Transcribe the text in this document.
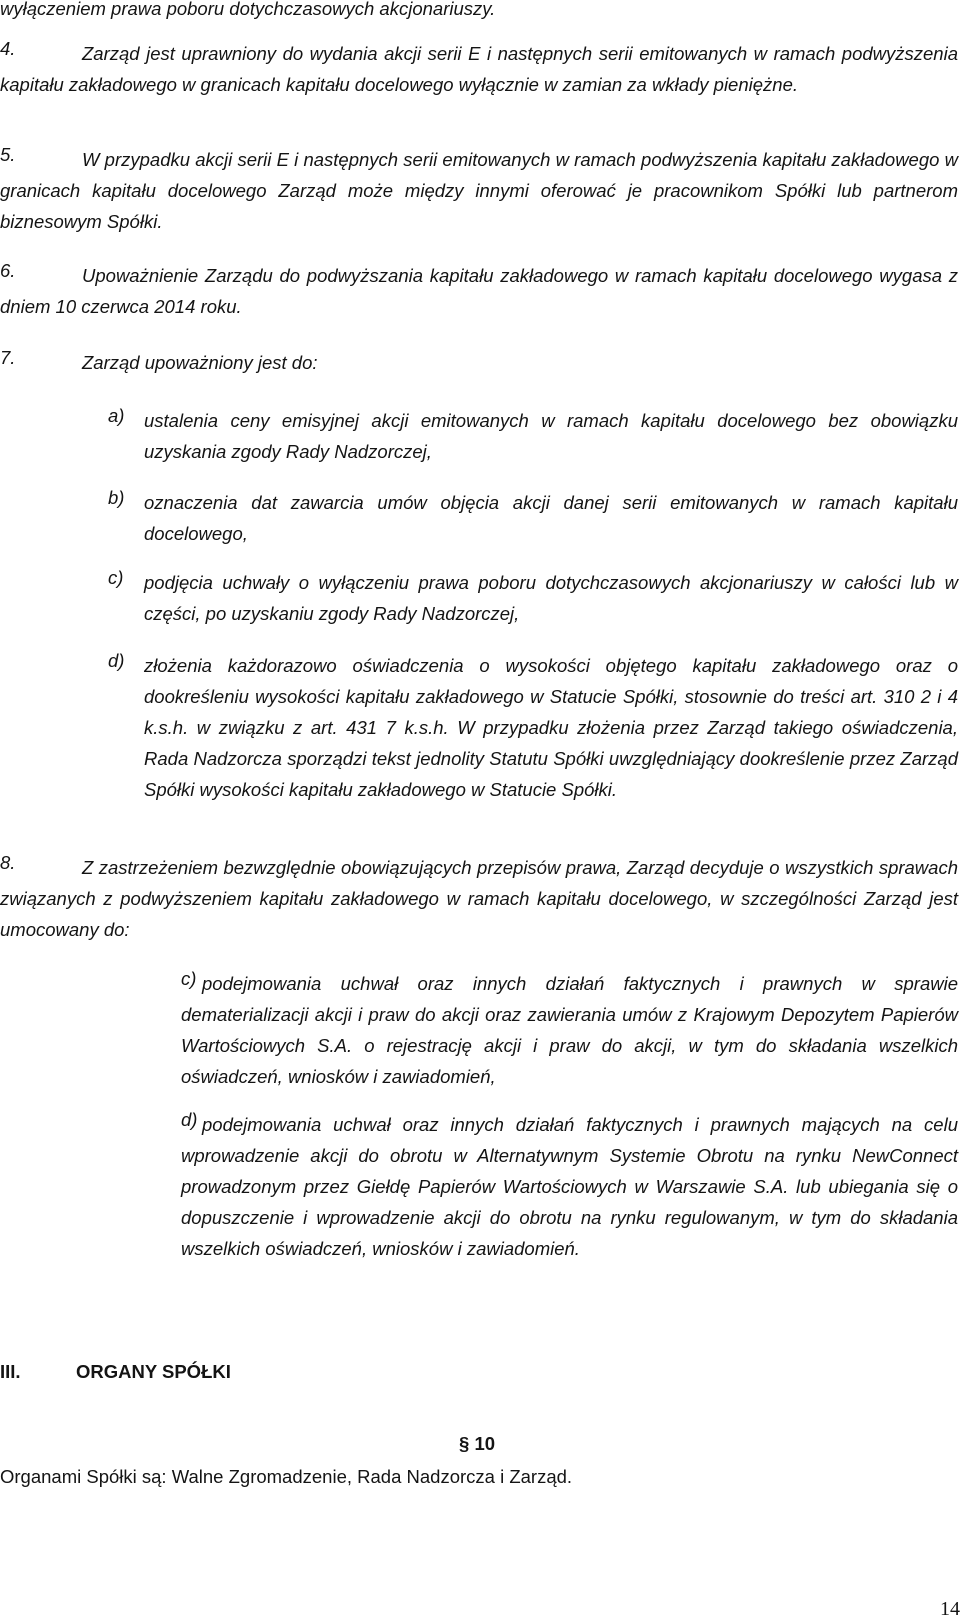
wyłączeniem prawa poboru dotychczasowych akcjonariuszy.

4.	Zarząd jest uprawniony do wydania akcji serii E i następnych serii emitowanych w ramach podwyższenia kapitału zakładowego w granicach kapitału docelowego wyłącznie w zamian za wkłady pieniężne.

5.	W przypadku akcji serii E i następnych serii emitowanych w ramach podwyższenia kapitału zakładowego w granicach kapitału docelowego Zarząd może między innymi oferować je pracownikom Spółki lub partnerom biznesowym Spółki.

6.	Upoważnienie Zarządu do podwyższania kapitału zakładowego w ramach kapitału docelowego wygasa z dniem 10 czerwca 2014 roku.

7.	Zarząd upoważniony jest do:

a) ustalenia ceny emisyjnej akcji emitowanych w ramach kapitału docelowego bez obowiązku uzyskania zgody Rady Nadzorczej,

b) oznaczenia dat zawarcia umów objęcia akcji danej serii emitowanych w ramach kapitału docelowego,

c) podjęcia uchwały o wyłączeniu prawa poboru dotychczasowych akcjonariuszy w całości lub w części, po uzyskaniu zgody Rady Nadzorczej,

d) złożenia każdorazowo oświadczenia o wysokości objętego kapitału zakładowego oraz o dookreśleniu wysokości kapitału zakładowego w Statucie Spółki, stosownie do treści art. 310 2 i 4 k.s.h. w związku z art. 431 7 k.s.h. W przypadku złożenia przez Zarząd takiego oświadczenia, Rada Nadzorcza sporządzi tekst jednolity Statutu Spółki uwzględniający dookreślenie przez Zarząd Spółki wysokości kapitału zakładowego w Statucie Spółki.

8.	Z zastrzeżeniem bezwzględnie obowiązujących przepisów prawa, Zarząd decyduje o wszystkich sprawach związanych z podwyższeniem kapitału zakładowego w ramach kapitału docelowego, w szczególności Zarząd jest umocowany do:

c) podejmowania uchwał oraz innych działań faktycznych i prawnych w sprawie dematerializacji akcji i praw do akcji oraz zawierania umów z Krajowym Depozytem Papierów Wartościowych S.A. o rejestrację akcji i praw do akcji, w tym do składania wszelkich oświadczeń, wniosków i zawiadomień,

d) podejmowania uchwał oraz innych działań faktycznych i prawnych mających na celu wprowadzenie akcji do obrotu w Alternatywnym Systemie Obrotu na rynku NewConnect prowadzonym przez Giełdę Papierów Wartościowych w Warszawie S.A. lub ubiegania się o dopuszczenie i wprowadzenie akcji do obrotu na rynku regulowanym, w tym do składania wszelkich oświadczeń, wniosków i zawiadomień.

III.	ORGANY SPÓŁKI
§ 10

Organami Spółki są: Walne Zgromadzenie, Rada Nadzorcza i Zarząd.

14
